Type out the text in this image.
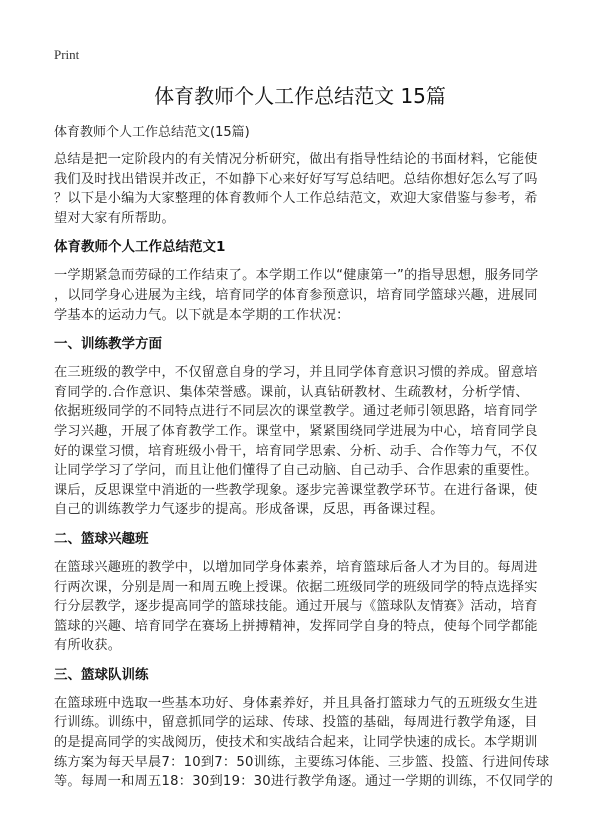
Print
体育教师个人工作总结范文 15篇
体育教师个人工作总结范文(15篇)
总结是把一定阶段内的有关情况分析研究，做出有指导性结论的书面材料，它能使
我们及时找出错误并改正，不如静下心来好好写写总结吧。总结你想好怎么写了吗
？以下是小编为大家整理的体育教师个人工作总结范文，欢迎大家借鉴与参考，希
望对大家有所帮助。
体育教师个人工作总结范文1
一学期紧急而劳碌的工作结束了。本学期工作以“健康第一”的指导思想，服务同学
，以同学身心进展为主线，培育同学的体育参预意识，培育同学篮球兴趣，进展同
学基本的运动力气。以下就是本学期的工作状况：
一、训练教学方面
在三班级的教学中，不仅留意自身的学习，并且同学体育意识习惯的养成。留意培
育同学的.合作意识、集体荣誉感。课前，认真钻研教材、生疏教材，分析学情、
依据班级同学的不同特点进行不同层次的课堂教学。通过老师引领思路，培育同学
学习兴趣，开展了体育教学工作。课堂中，紧紧围绕同学进展为中心，培育同学良
好的课堂习惯，培育班级小骨干，培育同学思索、分析、动手、合作等力气，不仅
让同学学习了学问，而且让他们懂得了自己动脑、自己动手、合作思索的重要性。
课后，反思课堂中消逝的一些教学现象。逐步完善课堂教学环节。在进行备课，使
自己的训练教学力气逐步的提高。形成备课，反思，再备课过程。
二、篮球兴趣班
在篮球兴趣班的教学中，以增加同学身体素养，培育篮球后备人才为目的。每周进
行两次课，分别是周一和周五晚上授课。依据二班级同学的班级同学的特点选择实
行分层教学，逐步提高同学的篮球技能。通过开展与《篮球队友情赛》活动，培育
篮球的兴趣、培育同学在赛场上拼搏精神，发挥同学自身的特点，使每个同学都能
有所收获。
三、篮球队训练
在篮球班中选取一些基本功好、身体素养好，并且具备打篮球力气的五班级女生进
行训练。训练中，留意抓同学的运球、传球、投篮的基础，每周进行教学角逐，目
的是提高同学的实战阅历，使技术和实战结合起来，让同学快速的成长。本学期训
练方案为每天早晨7：10到7：50训练，主要练习体能、三步篮、投篮、行进间传球
等。每周一和周五18：30到19：30进行教学角逐。通过一学期的训练，不仅同学的
